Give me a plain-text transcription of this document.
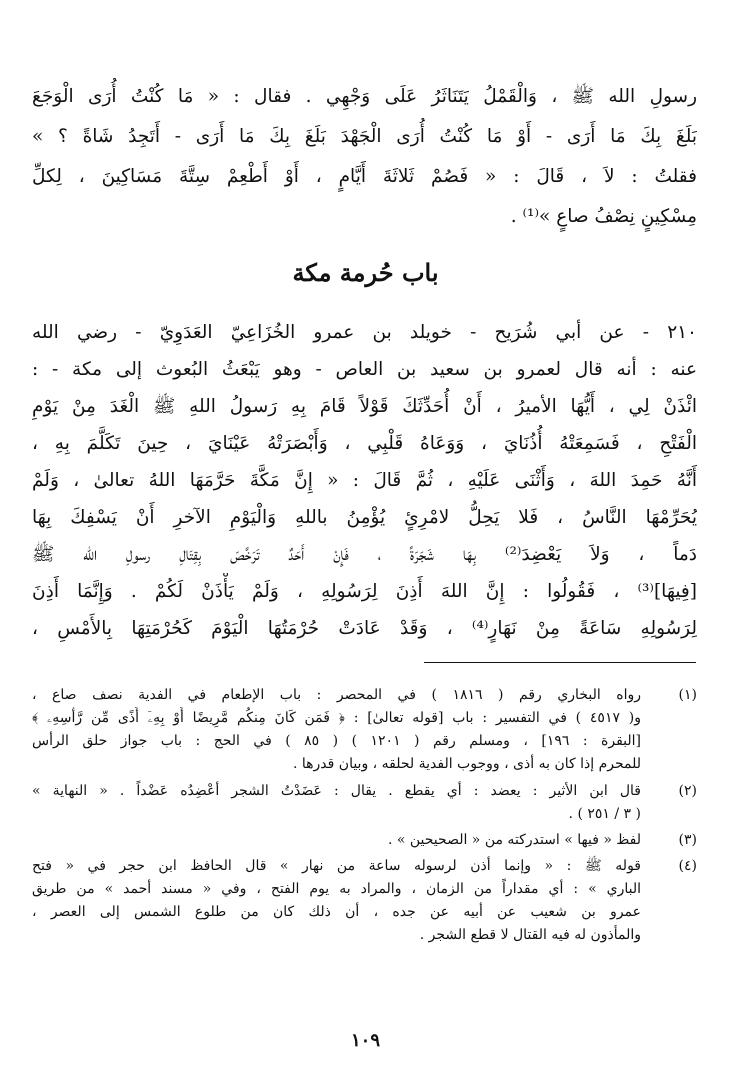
رسولِ الله ﷺ ، وَالْقَمْلُ يَتَنَاثَرُ عَلَى وَجْهِي . فقال : « مَا كُنْتُ أُرَى الْوَجَعَ
بَلَغَ بِكَ مَا أَرَى - أَوْ مَا كُنْتُ أُرَى الْجَهْدَ بَلَغَ بِكَ مَا أَرَى - أَتَجِدُ شَاةً ؟ »
فقلتُ : لاَ ، قَالَ : « فَصُمْ ثَلاثَةَ أَيَّامٍ ، أَوْ أَطْعِمْ سِتَّةَ مَسَاكِينَ ، لِكلِّ
مِسْكِينٍ نِصْفُ صاعٍ »⁽¹⁾ .
باب حُرمة مكة
٢١٠ - عن أبي شُرَيح - خويلد بن عمرو الخُزَاعِيّ العَدَوِيّ - رضي الله
عنه : أنه قال لعمرو بن سعيد بن العاص - وهو يَبْعَثُ البُعوث إلى مكة - :
ائْذَنْ لِي ، أَيُّهَا الأميرُ ، أَنْ أُحَدِّثَكَ قَوْلاً قَامَ بِهِ رَسولُ اللهِ ﷺ الْغَدَ مِنْ يَوْمِ
الْفَتْحِ ، فَسَمِعَتْهُ أُذُنَايَ ، وَوَعَاهُ قَلْبِي ، وَأَبْصَرَتْهُ عَيْنَايَ ، حِينَ تَكَلَّمَ بِهِ ،
أَنَّهُ حَمِدَ اللهَ ، وَأَثْنَى عَلَيْهِ ، ثُمَّ قَالَ : « إِنَّ مَكَّةَ حَرَّمَهَا اللهُ تعالىٰ ، وَلَمْ
يُحَرِّمْهَا النَّاسُ ، فَلا يَحِلُّ لامْرِئٍ يُؤْمِنُ باللهِ وَالْيَوْمِ الآخرِ أَنْ يَسْفِكَ بِهَا
دَماً ، وَلاَ يَعْضِدَ⁽²⁾ بِهَا شَجَرَةً ، فَإِنْ أَحَدٌ تَرَخَّصَ بِقِتَالِ رسولِ الله ﷺ
[فِيهَا]⁽³⁾ ، فَقُولُوا : إِنَّ اللهَ أَذِنَ لِرَسُولِهِ ، وَلَمْ يَأْذَنْ لَكُمْ . وَإِنَّمَا أَذِنَ
لِرَسُولِهِ سَاعَةً مِنْ نَهَارٍ⁽⁴⁾ ، وَقَدْ عَادَتْ حُرْمَتُهَا الْيَوْمَ كَحُرْمَتِهَا بِالأَمْسِ ،
(١)
رواه البخاري رقم ( ١٨١٦ ) في المحصر : باب الإطعام في الفدية نصف صاع ،
و( ٤٥١٧ ) في التفسير : باب [قوله تعالىٰ] : ﴿ فَمَن كَانَ مِنكُم مَّرِيضًا أَوْ بِهِۦٓ أَذًى مِّن رَّأْسِهِۦ ﴾
[البقرة : ١٩٦] ، ومسلم رقم ( ١٢٠١ ) ( ٨٥ ) في الحج : باب جواز حلق الرأس
للمحرم إذا كان به أذى ، ووجوب الفدية لحلقه ، وبيان قدرها .
(٢)
قال ابن الأثير : يعضد : أي يقطع . يقال : عَضَدْتُ الشجر أعْضِدُه عَضْداً . « النهاية »
( ٣ / ٢٥١ ) .
(٣)
لفظ « فيها » استدركته من « الصحيحين » .
(٤)
قوله ﷺ : « وإنما أذن لرسوله ساعة من نهار » قال الحافظ ابن حجر في « فتح
الباري » : أي مقداراً من الزمان ، والمراد به يوم الفتح ، وفي « مسند أحمد » من طريق
عمرو بن شعيب عن أبيه عن جده ، أن ذلك كان من طلوع الشمس إلى العصر ،
والمأذون له فيه القتال لا قطع الشجر .
١٠٩
